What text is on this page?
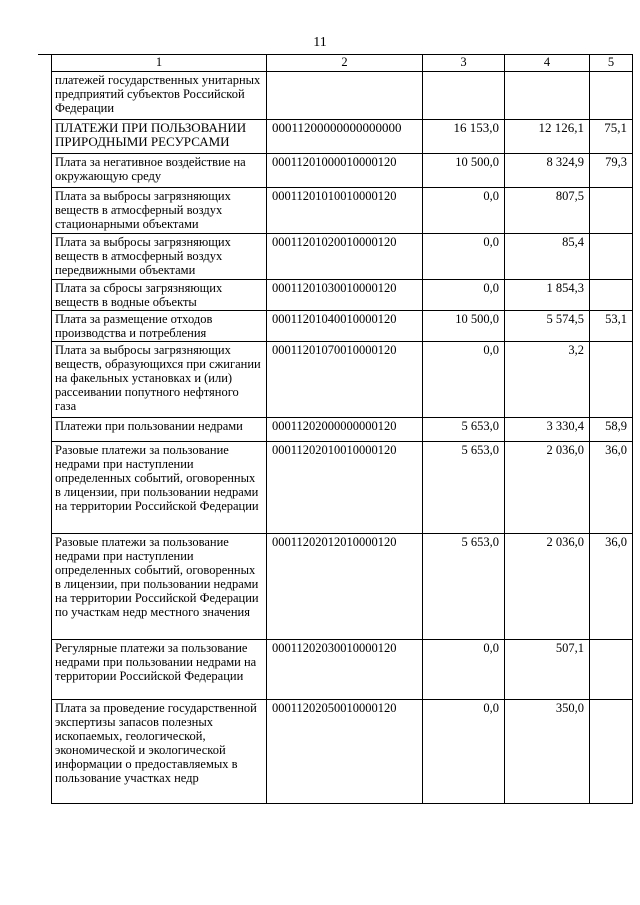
11
1	2	3	4	5
платежей государственных унитарных предприятий субъектов Российской Федерации				
ПЛАТЕЖИ ПРИ ПОЛЬЗОВАНИИ ПРИРОДНЫМИ РЕСУРСАМИ	00011200000000000000	16 153,0	12 126,1	75,1
Плата за негативное воздействие на окружающую среду	00011201000010000120	10 500,0	8 324,9	79,3
Плата за выбросы загрязняющих веществ в атмосферный воздух стационарными объектами	00011201010010000120	0,0	807,5	
Плата за выбросы загрязняющих веществ в атмосферный воздух передвижными объектами	00011201020010000120	0,0	85,4	
Плата за сбросы загрязняющих веществ в водные объекты	00011201030010000120	0,0	1 854,3	
Плата за размещение отходов производства и потребления	00011201040010000120	10 500,0	5 574,5	53,1
Плата за выбросы загрязняющих веществ, образующихся при сжигании на факельных установках и (или) рассеивании попутного нефтяного газа	00011201070010000120	0,0	3,2	
Платежи при пользовании недрами	00011202000000000120	5 653,0	3 330,4	58,9
Разовые платежи за пользование недрами при наступлении определенных событий, оговоренных в лицензии, при пользовании недрами на территории Российской Федерации	00011202010010000120	5 653,0	2 036,0	36,0
Разовые платежи за пользование недрами при наступлении определенных событий, оговоренных в лицензии, при пользовании недрами на территории Российской Федерации по участкам недр местного значения	00011202012010000120	5 653,0	2 036,0	36,0
Регулярные платежи за пользование недрами при пользовании недрами на территории Российской Федерации	00011202030010000120	0,0	507,1	
Плата за проведение государственной экспертизы запасов полезных ископаемых, геологической, экономической и экологической информации о предоставляемых в пользование участках недр	00011202050010000120	0,0	350,0	
